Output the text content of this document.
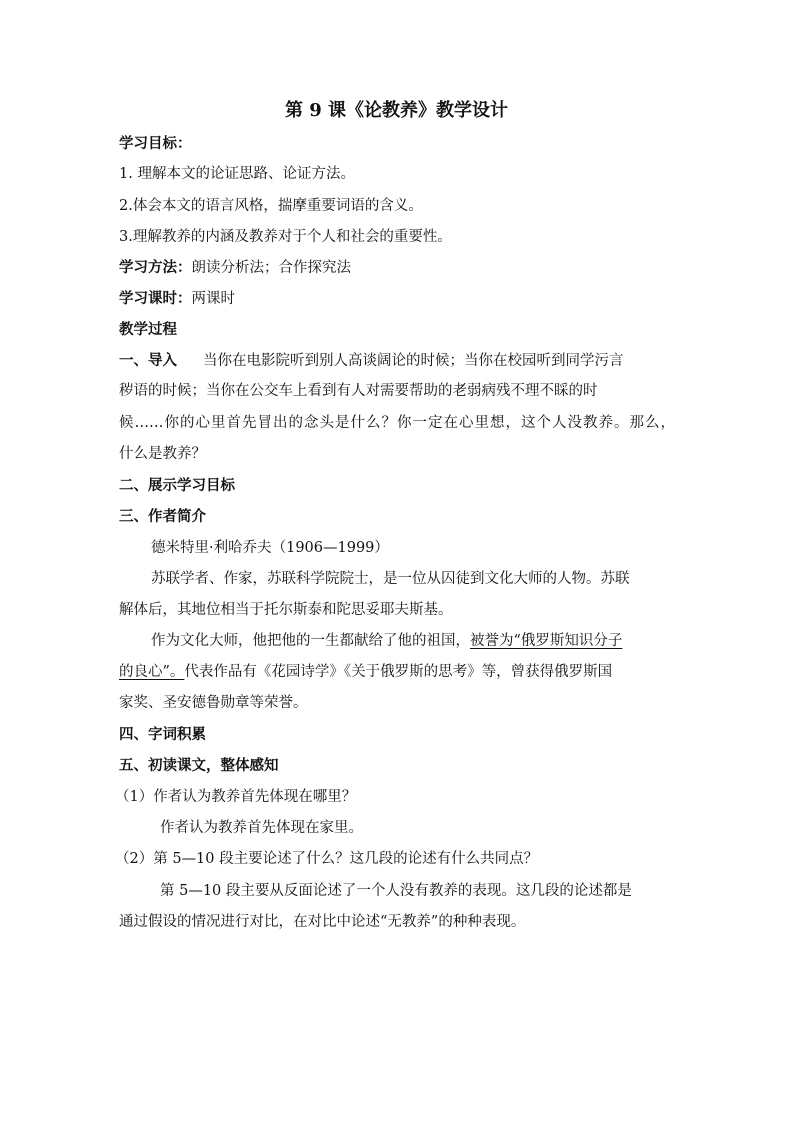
第 9 课《论教养》教学设计
学习目标：
1. 理解本文的论证思路、论证方法。
2.体会本文的语言风格，揣摩重要词语的含义。
3.理解教养的内涵及教养对于个人和社会的重要性。
学习方法：朗读分析法；合作探究法
学习课时：两课时
教学过程
一、导入 当你在电影院听到别人高谈阔论的时候；当你在校园听到同学污言
秽语的时候；当你在公交车上看到有人对需要帮助的老弱病残不理不睬的时
候……你的心里首先冒出的念头是什么？你一定在心里想，这个人没教养。那么，
什么是教养？
二、展示学习目标
三、作者简介
德米特里·利哈乔夫（1906—1999）
苏联学者、作家，苏联科学院院士，是一位从囚徒到文化大师的人物。苏联
解体后，其地位相当于托尔斯泰和陀思妥耶夫斯基。
作为文化大师，他把他的一生都献给了他的祖国，被誉为“俄罗斯知识分子
的良心”。代表作品有《花园诗学》《关于俄罗斯的思考》等，曾获得俄罗斯国
家奖、圣安德鲁勋章等荣誉。
四、字词积累
五、初读课文，整体感知
（1）作者认为教养首先体现在哪里？
作者认为教养首先体现在家里。
（2）第 5—10 段主要论述了什么？这几段的论述有什么共同点？
第 5—10 段主要从反面论述了一个人没有教养的表现。这几段的论述都是
通过假设的情况进行对比，在对比中论述“无教养”的种种表现。
